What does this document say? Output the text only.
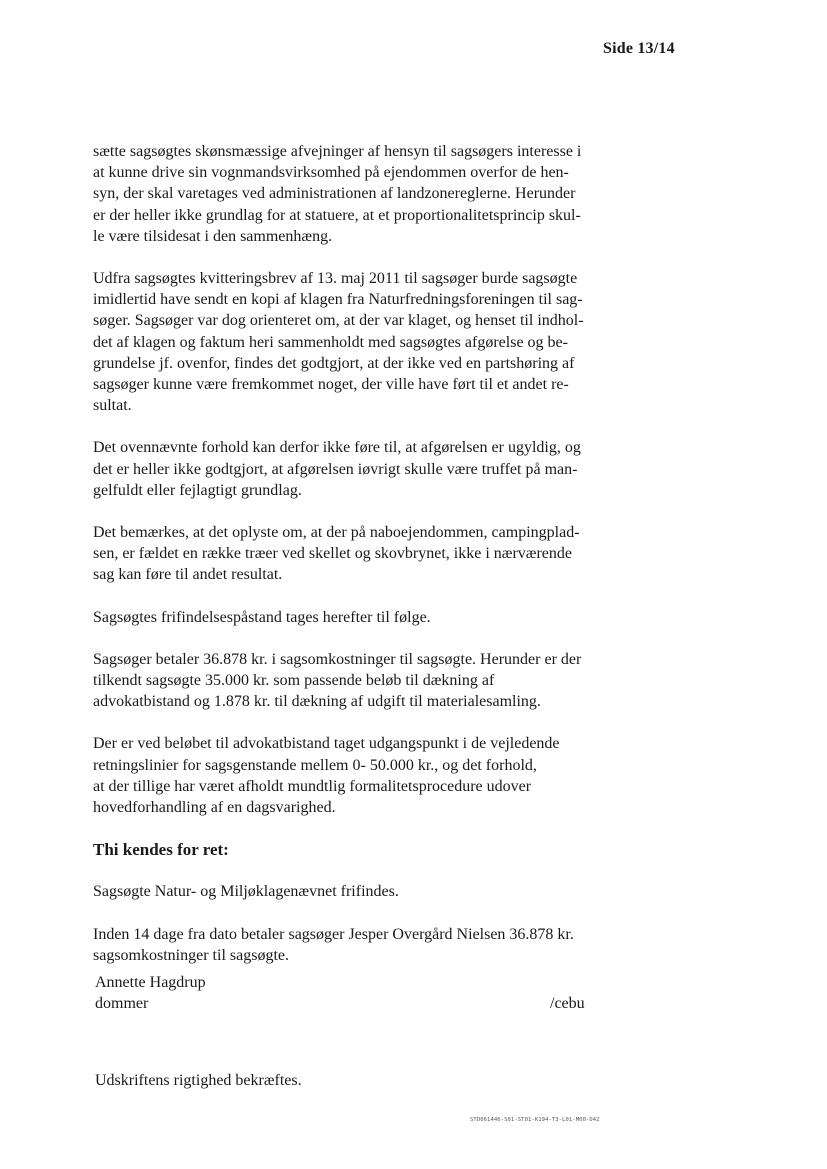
Side 13/14
sætte sagsøgtes skønsmæssige afvejninger af hensyn til sagsøgers interesse i
at kunne drive sin vognmandsvirksomhed på ejendommen overfor de hen-
syn, der skal varetages ved administrationen af landzonereglerne. Herunder
er der heller ikke grundlag for at statuere, at et proportionalitetsprincip skul-
le være tilsidesat i den sammenhæng.
Udfra sagsøgtes kvitteringsbrev af 13. maj 2011 til sagsøger burde sagsøgte
imidlertid have sendt en kopi af klagen fra Naturfredningsforeningen til sag-
søger. Sagsøger var dog orienteret om, at der var klaget, og henset til indhol-
det af klagen og faktum heri sammenholdt med sagsøgtes afgørelse og be-
grundelse jf. ovenfor, findes det godtgjort, at der ikke ved en partshøring af
sagsøger kunne være fremkommet noget, der ville have ført til et andet re-
sultat.
Det ovennævnte forhold kan derfor ikke føre til, at afgørelsen er ugyldig, og
det er heller ikke godtgjort, at afgørelsen iøvrigt skulle være truffet på man-
gelfuldt eller fejlagtigt grundlag.
Det bemærkes, at det oplyste om, at der på naboejendommen, campingplad-
sen, er fældet en række træer ved skellet og skovbrynet, ikke i nærværende
sag kan føre til andet resultat.
Sagsøgtes frifindelsespåstand tages herefter til følge.
Sagsøger betaler 36.878 kr. i sagsomkostninger til sagsøgte. Herunder er der
tilkendt sagsøgte 35.000 kr. som passende beløb til dækning af
advokatbistand og 1.878 kr. til dækning af udgift til materialesamling.
Der er ved beløbet til advokatbistand taget udgangspunkt i de vejledende
retningslinier for sagsgenstande mellem 0- 50.000 kr., og det forhold,
at der tillige har været afholdt mundtlig formalitetsprocedure udover
hovedforhandling af en dagsvarighed.
Thi kendes for ret:
Sagsøgte Natur- og Miljøklagenævnet frifindes.
Inden 14 dage fra dato betaler sagsøger Jesper Overgård Nielsen 36.878 kr.
sagsomkostninger til sagsøgte.
Annette Hagdrup
dommer	/cebu
Udskriftens rigtighed bekræftes.
STD061446-S01-ST01-K194-T3-L01-M00-D42
